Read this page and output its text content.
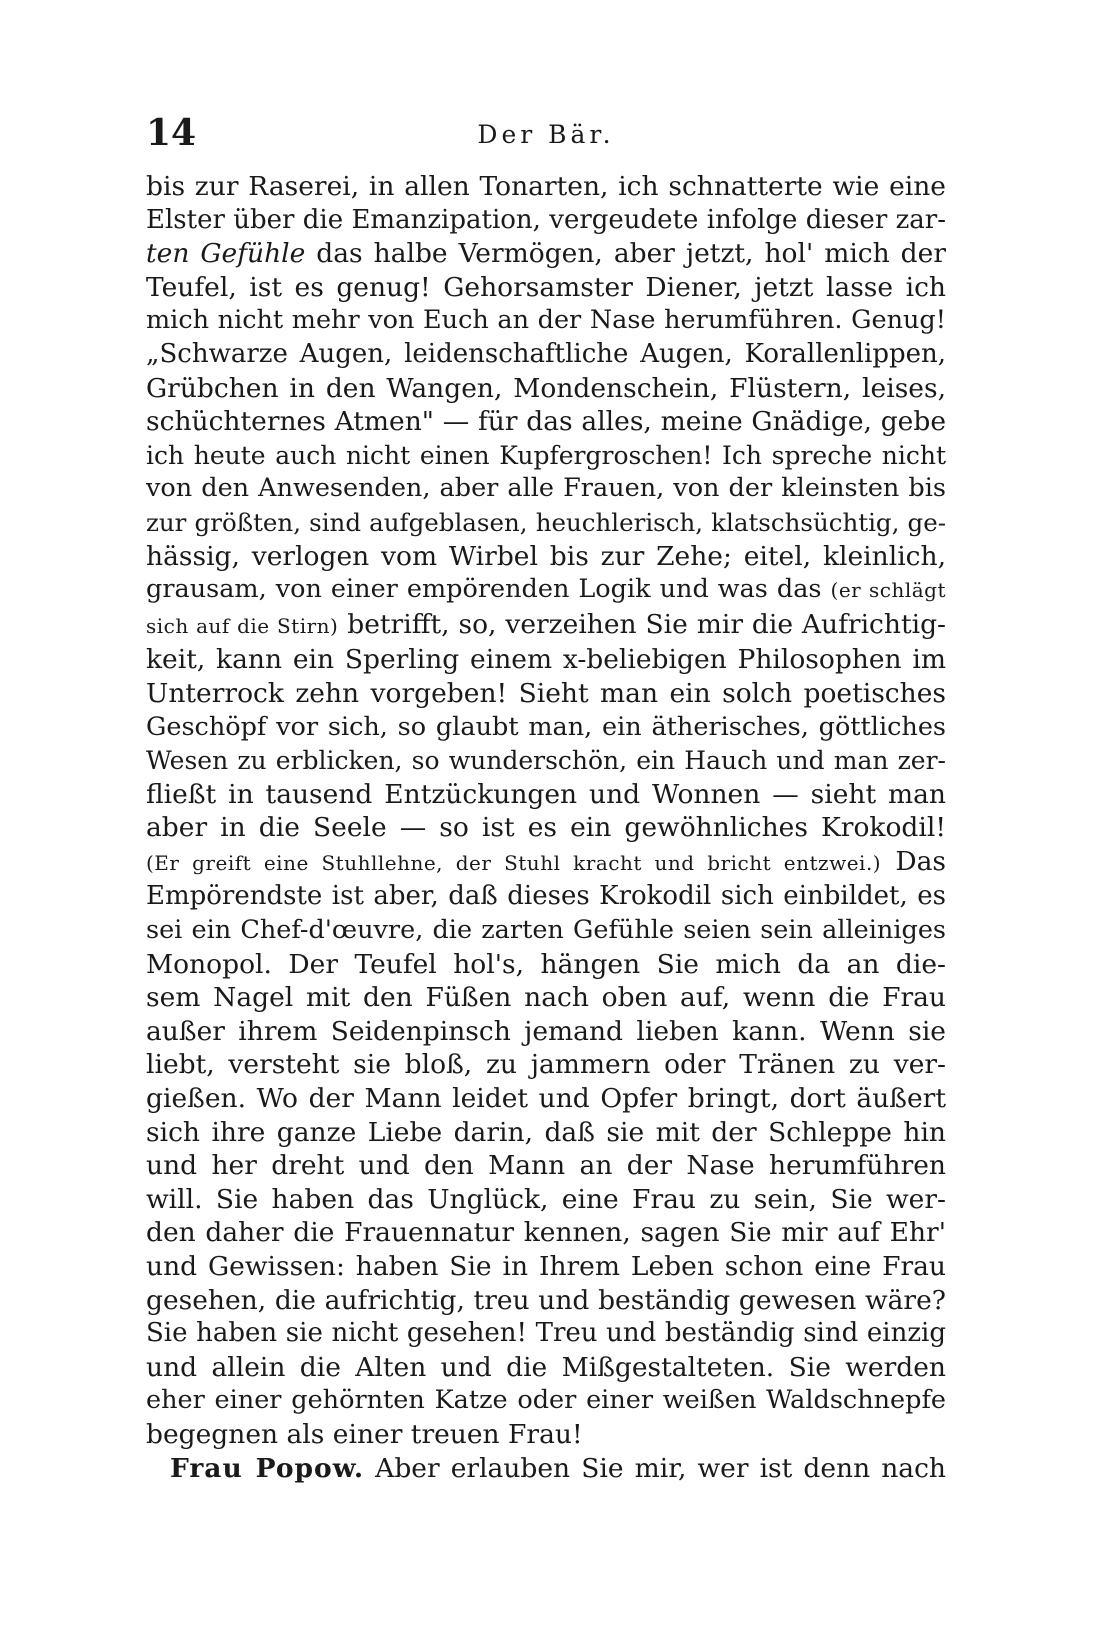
14	Der Bär.
bis zur Raserei, in allen Tonarten, ich schnatterte wie eine
Elster über die Emanzipation, vergeudete infolge dieser zar-
ten Gefühle das halbe Vermögen, aber jetzt, hol' mich der
Teufel, ist es genug! Gehorsamster Diener, jetzt lasse ich
mich nicht mehr von Euch an der Nase herumführen. Genug!
„Schwarze Augen, leidenschaftliche Augen, Korallenlippen,
Grübchen in den Wangen, Mondenschein, Flüstern, leises,
schüchternes Atmen" — für das alles, meine Gnädige, gebe
ich heute auch nicht einen Kupfergroschen! Ich spreche nicht
von den Anwesenden, aber alle Frauen, von der kleinsten bis
zur größten, sind aufgeblasen, heuchlerisch, klatschsüchtig, ge-
hässig, verlogen vom Wirbel bis zur Zehe; eitel, kleinlich,
grausam, von einer empörenden Logik und was das (er schlägt
sich auf die Stirn) betrifft, so, verzeihen Sie mir die Aufrichtig-
keit, kann ein Sperling einem x-beliebigen Philosophen im
Unterrock zehn vorgeben! Sieht man ein solch poetisches
Geschöpf vor sich, so glaubt man, ein ätherisches, göttliches
Wesen zu erblicken, so wunderschön, ein Hauch und man zer-
fließt in tausend Entzückungen und Wonnen — sieht man
aber in die Seele — so ist es ein gewöhnliches Krokodil!
(Er greift eine Stuhllehne, der Stuhl kracht und bricht entzwei.) Das
Empörendste ist aber, daß dieses Krokodil sich einbildet, es
sei ein Chef-d'œuvre, die zarten Gefühle seien sein alleiniges
Monopol. Der Teufel hol's, hängen Sie mich da an die-
sem Nagel mit den Füßen nach oben auf, wenn die Frau
außer ihrem Seidenpinsch jemand lieben kann. Wenn sie
liebt, versteht sie bloß, zu jammern oder Tränen zu ver-
gießen. Wo der Mann leidet und Opfer bringt, dort äußert
sich ihre ganze Liebe darin, daß sie mit der Schleppe hin
und her dreht und den Mann an der Nase herumführen
will. Sie haben das Unglück, eine Frau zu sein, Sie wer-
den daher die Frauennatur kennen, sagen Sie mir auf Ehr'
und Gewissen: haben Sie in Ihrem Leben schon eine Frau
gesehen, die aufrichtig, treu und beständig gewesen wäre?
Sie haben sie nicht gesehen! Treu und beständig sind einzig
und allein die Alten und die Mißgestalteten. Sie werden
eher einer gehörnten Katze oder einer weißen Waldschnepfe
begegnen als einer treuen Frau!
Frau Popow. Aber erlauben Sie mir, wer ist denn nach
